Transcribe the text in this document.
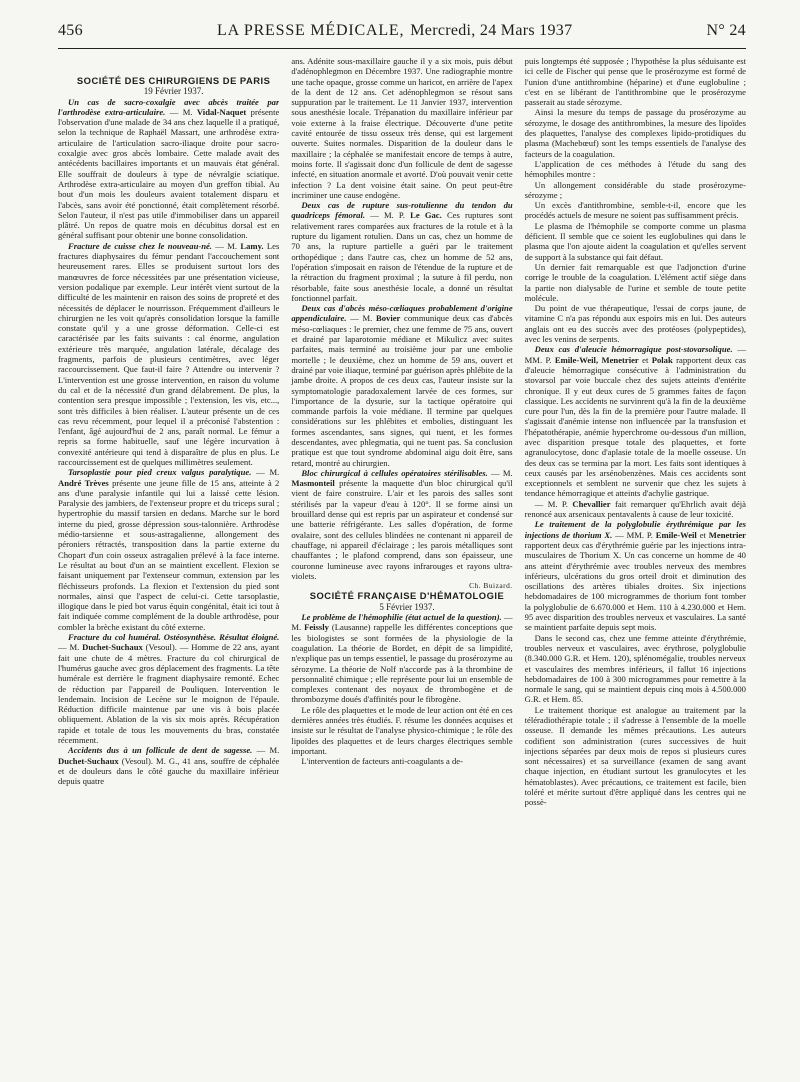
456	LA PRESSE MÉDICALE, Mercredi, 24 Mars 1937	N° 24

SOCIÉTÉ DES CHIRURGIENS DE PARIS

19 Février 1937.

Un cas de sacro-coxalgie avec abcès traitée par l'arthrodèse extra-articulaire. — M. Vidal-Naquet présente l'observation d'une malade de 34 ans chez laquelle il a pratiqué, selon la technique de Raphaël Massart, une arthrodèse extra-articulaire de l'articulation sacro-iliaque droite pour sacro-coxalgie avec gros abcès lombaire. Cette malade avait des antécédents bacillaires importants et un mauvais état général. Elle souffrait de douleurs à type de névralgie sciatique. Arthrodèse extra-articulaire au moyen d'un greffon tibial. Au bout d'un mois les douleurs avaient totalement disparu et l'abcès, sans avoir été ponctionné, était complètement résorbé. Selon l'auteur, il n'est pas utile d'immobiliser dans un appareil plâtré. Un repos de quatre mois en décubitus dorsal est en général suffisant pour obtenir une bonne consolidation.

Fracture de cuisse chez le nouveau-né. — M. Lamy. Les fractures diaphysaires du fémur pendant l'accouchement sont heureusement rares. Elles se produisent surtout lors des manœuvres de force nécessitées par une présentation vicieuse, version podalique par exemple. Leur intérêt vient surtout de la difficulté de les maintenir en raison des soins de propreté et des nécessités de déplacer le nourrisson. Fréquemment d'ailleurs le chirurgien ne les voit qu'après consolidation lorsque la famille constate qu'il y a une grosse déformation. Celle-ci est caractérisée par les faits suivants : cal énorme, angulation extérieure très marquée, angulation latérale, décalage des fragments, parfois de plusieurs centimètres, avec léger raccourcissement. Que faut-il faire ? Attendre ou intervenir ? L'intervention est une grosse intervention, en raison du volume du cal et de la nécessité d'un grand délabrement. De plus, la contention sera presque impossible ; l'extension, les vis, etc..., sont très difficiles à bien réaliser. L'auteur présente un de ces cas revu récemment, pour lequel il a préconisé l'abstention : l'enfant, âgé aujourd'hui de 2 ans, paraît normal. Le fémur a repris sa forme habituelle, sauf une légère incurvation à convexité antérieure qui tend à disparaître de plus en plus. Le raccourcissement est de quelques millimètres seulement.

Tarsoplastie pour pied creux valgus paralytique. — M. André Trèves présente une jeune fille de 15 ans, atteinte à 2 ans d'une paralysie infantile qui lui a laissé cette lésion. Paralysie des jambiers, de l'extenseur propre et du triceps sural ; hypertrophie du massif tarsien en dedans. Marche sur le bord interne du pied, grosse dépression sous-talonnière. Arthrodèse médio-tarsienne et sous-astragalienne, allongement des péroniers rétractés, transposition dans la partie externe du Chopart d'un coin osseux astragalien prélevé à la face interne. Le résultat au bout d'un an se maintient excellent. Flexion se faisant uniquement par l'extenseur commun, extension par les fléchisseurs profonds. La flexion et l'extension du pied sont normales, ainsi que l'aspect de celui-ci. Cette tarsoplastie, illogique dans le pied bot varus équin congénital, était ici tout à fait indiquée comme complément de la double arthrodèse, pour combler la brèche existant du côté externe.

Fracture du col huméral. Ostéosynthèse. Résultat éloigné. — M. Duchet-Suchaux (Vesoul). — Homme de 22 ans, ayant fait une chute de 4 mètres. Fracture du col chirurgical de l'humérus gauche avec gros déplacement des fragments. La tête humérale est derrière le fragment diaphysaire remonté. Echec de réduction par l'appareil de Pouliquen. Intervention le lendemain. Incision de Lecène sur le moignon de l'épaule. Réduction difficile maintenue par une vis à bois placée obliquement. Ablation de la vis six mois après. Récupération rapide et totale de tous les mouvements du bras, constatée récemment.

Accidents dus à un follicule de dent de sagesse. — M. Duchet-Suchaux (Vesoul). M. G., 41 ans, souffre de céphalée et de douleurs dans le côté gauche du maxillaire inférieur depuis quatre

ans. Adénite sous-maxillaire gauche il y a six mois, puis début d'adénophlegmon en Décembre 1937. Une radiographie montre une tache opaque, grosse comme un haricot, en arrière de l'apex de la dent de 12 ans. Cet adénophlegmon se résout sans suppuration par le traitement. Le 11 Janvier 1937, intervention sous anesthésie locale. Trépanation du maxillaire inférieur par voie externe à la fraise électrique. Découverte d'une petite cavité entourée de tissu osseux très dense, qui est largement ouverte. Suites normales. Disparition de la douleur dans le maxillaire ; la céphalée se manifestait encore de temps à autre, moins forte. Il s'agissait donc d'un follicule de dent de sagesse infecté, en situation anormale et avorté. D'où pouvait venir cette infection ? La dent voisine était saine. On peut peut-être incriminer une cause endogène.

Deux cas de rupture sus-rotulienne du tendon du quadriceps fémoral. — M. P. Le Gac. Ces ruptures sont relativement rares comparées aux fractures de la rotule et à la rupture du ligament rotulien. Dans un cas, chez un homme de 70 ans, la rupture partielle a guéri par le traitement orthopédique ; dans l'autre cas, chez un homme de 52 ans, l'opération s'imposait en raison de l'étendue de la rupture et de la rétraction du fragment proximal ; la suture à fil perdu, non résorbable, faite sous anesthésie locale, a donné un résultat fonctionnel parfait.

Deux cas d'abcès méso-cœliaques probablement d'origine appendiculaire. — M. Bovier communique deux cas d'abcès méso-cœliaques : le premier, chez une femme de 75 ans, ouvert et drainé par laparotomie médiane et Mikulicz avec suites parfaites, mais terminé au troisième jour par une embolie mortelle ; le deuxième, chez un homme de 59 ans, ouvert et drainé par voie iliaque, terminé par guérison après phlébite de la jambe droite. A propos de ces deux cas, l'auteur insiste sur la symptomatologie paradoxalement larvée de ces formes, sur l'importance de la dysurie, sur la tactique opératoire qui commande parfois la voie médiane. Il termine par quelques considérations sur les phlébites et embolies, distinguant les formes ascendantes, sans signes, qui tuent, et les formes descendantes, avec phlegmatia, qui ne tuent pas. Sa conclusion pratique est que tout syndrome abdominal aigu doit être, sans retard, montré au chirurgien.

Bloc chirurgical à cellules opératoires stérilisables. — M. Masmonteil présente la maquette d'un bloc chirurgical qu'il vient de faire construire. L'air et les parois des salles sont stérilisés par la vapeur d'eau à 120°. Il se forme ainsi un brouillard dense qui est repris par un aspirateur et condensé sur une batterie réfrigérante. Les salles d'opération, de forme ovalaire, sont des cellules blindées ne contenant ni appareil de chauffage, ni appareil d'éclairage ; les parois métalliques sont chauffantes ; le plafond comprend, dans son épaisseur, une couronne lumineuse avec rayons infrarouges et rayons ultra-violets.

Ch. Buizard.

SOCIÉTÉ FRANÇAISE D'HÉMATOLOGIE

5 Février 1937.

Le problème de l'hémophilie (état actuel de la question). — M. Feissly (Lausanne) rappelle les différentes conceptions que les biologistes se sont formées de la physiologie de la coagulation. La théorie de Bordet, en dépit de sa limpidité, n'explique pas un temps essentiel, le passage du prosérozyme au sérozyme. La théorie de Nolf n'accorde pas à la thrombine de personnalité chimique ; elle représente pour lui un ensemble de complexes contenant des noyaux de thrombogène et de thrombozyme doués d'affinités pour le fibrogène.

Le rôle des plaquettes et le mode de leur action ont été en ces dernières années très étudiés. F. résume les données acquises et insiste sur le résultat de l'analyse physico-chimique ; le rôle des lipoïdes des plaquettes et de leurs charges électriques semble important.

L'intervention de facteurs anti-coagulants a de-

puis longtemps été supposée ; l'hypothèse la plus séduisante est ici celle de Fischer qui pense que le prosérozyme est formé de l'union d'une antithrombine (héparine) et d'une euglobuline ; c'est en se libérant de l'antithrombine que le prosérozyme passerait au stade sérozyme.

Ainsi la mesure du temps de passage du prosérozyme au sérozyme, le dosage des antithrombines, la mesure des lipoïdes des plaquettes, l'analyse des complexes lipido-protidiques du plasma (Machebœuf) sont les temps essentiels de l'analyse des facteurs de la coagulation.

L'application de ces méthodes à l'étude du sang des hémophiles montre :

Un allongement considérable du stade prosérozyme-sérozyme ;

Un excès d'antithrombine, semble-t-il, encore que les procédés actuels de mesure ne soient pas suffisamment précis.

Le plasma de l'hémophile se comporte comme un plasma déficient. Il semble que ce soient les euglobulines qui dans le plasma que l'on ajoute aident la coagulation et qu'elles servent de support à la substance qui fait défaut.

Un dernier fait remarquable est que l'adjonction d'urine corrige le trouble de la coagulation. L'élément actif siège dans la partie non dialysable de l'urine et semble de toute petite molécule.

Du point de vue thérapeutique, l'essai de corps jaune, de vitamine C n'a pas répondu aux espoirs mis en lui. Des auteurs anglais ont eu des succès avec des protéoses (polypeptides), avec les venins de serpents.

Deux cas d'aleucie hémorragique post-stovarsolique. — MM. P. Emile-Weil, Menetrier et Polak rapportent deux cas d'aleucie hémorragique consécutive à l'administration du stovarsol par voie buccale chez des sujets atteints d'entérite chronique. Il y eut deux cures de 5 grammes faites de façon classique. Les accidents ne survinrent qu'à la fin de la deuxième cure pour l'un, dès la fin de la première pour l'autre malade. Il s'agissait d'anémie intense non influencée par la transfusion et l'hépatothérapie, anémie hyperchrome ou-dessous d'un million, avec disparition presque totale des plaquettes, et forte agranulocytose, donc d'aplasie totale de la moelle osseuse. Un des deux cas se termina par la mort. Les faits sont identiques à ceux causés par les arsénobenzènes. Mais ces accidents sont exceptionnels et semblent ne survenir que chez les sujets à tendance hémorragique et atteints d'achylie gastrique.

— M. P. Chevallier fait remarquer qu'Ehrlich avait déjà renoncé aux arsenicaux pentavalents à cause de leur toxicité.

Le traitement de la polyglobulie érythrémique par les injections de thorium X. — MM. P. Emile-Weil et Menetrier rapportent deux cas d'érythrémie guérie par les injections intra-musculaires de Thorium X. Un cas concerne un homme de 40 ans atteint d'érythrémie avec troubles nerveux des membres inférieurs, ulcérations du gros orteil droit et diminution des oscillations des artères tibiales droites. Six injections hebdomadaires de 100 microgrammes de thorium font tomber la polyglobulie de 6.670.000 et Hem. 110 à 4.230.000 et Hem. 95 avec disparition des troubles nerveux et vasculaires. La santé se maintient parfaite depuis sept mois.

Dans le second cas, chez une femme atteinte d'érythrémie, troubles nerveux et vasculaires, avec érythrose, polyglobulie (8.340.000 G.R. et Hem. 120), splénomégalie, troubles nerveux et vasculaires des membres inférieurs, il fallut 16 injections hebdomadaires de 100 à 300 microgrammes pour remettre à la normale le sang, qui se maintient depuis cinq mois à 4.500.000 G.R. et Hem. 85.

Le traitement thorique est analogue au traitement par la téléradiothérapie totale ; il s'adresse à l'ensemble de la moelle osseuse. Il demande les mêmes précautions. Les auteurs codifient son administration (cures successives de huit injections séparées par deux mois de repos si plusieurs cures sont nécessaires) et sa surveillance (examen de sang avant chaque injection, en étudiant surtout les granulocytes et les hématoblastes). Avec précautions, ce traitement est facile, bien toléré et mérite surtout d'être appliqué dans les centres qui ne possè-
